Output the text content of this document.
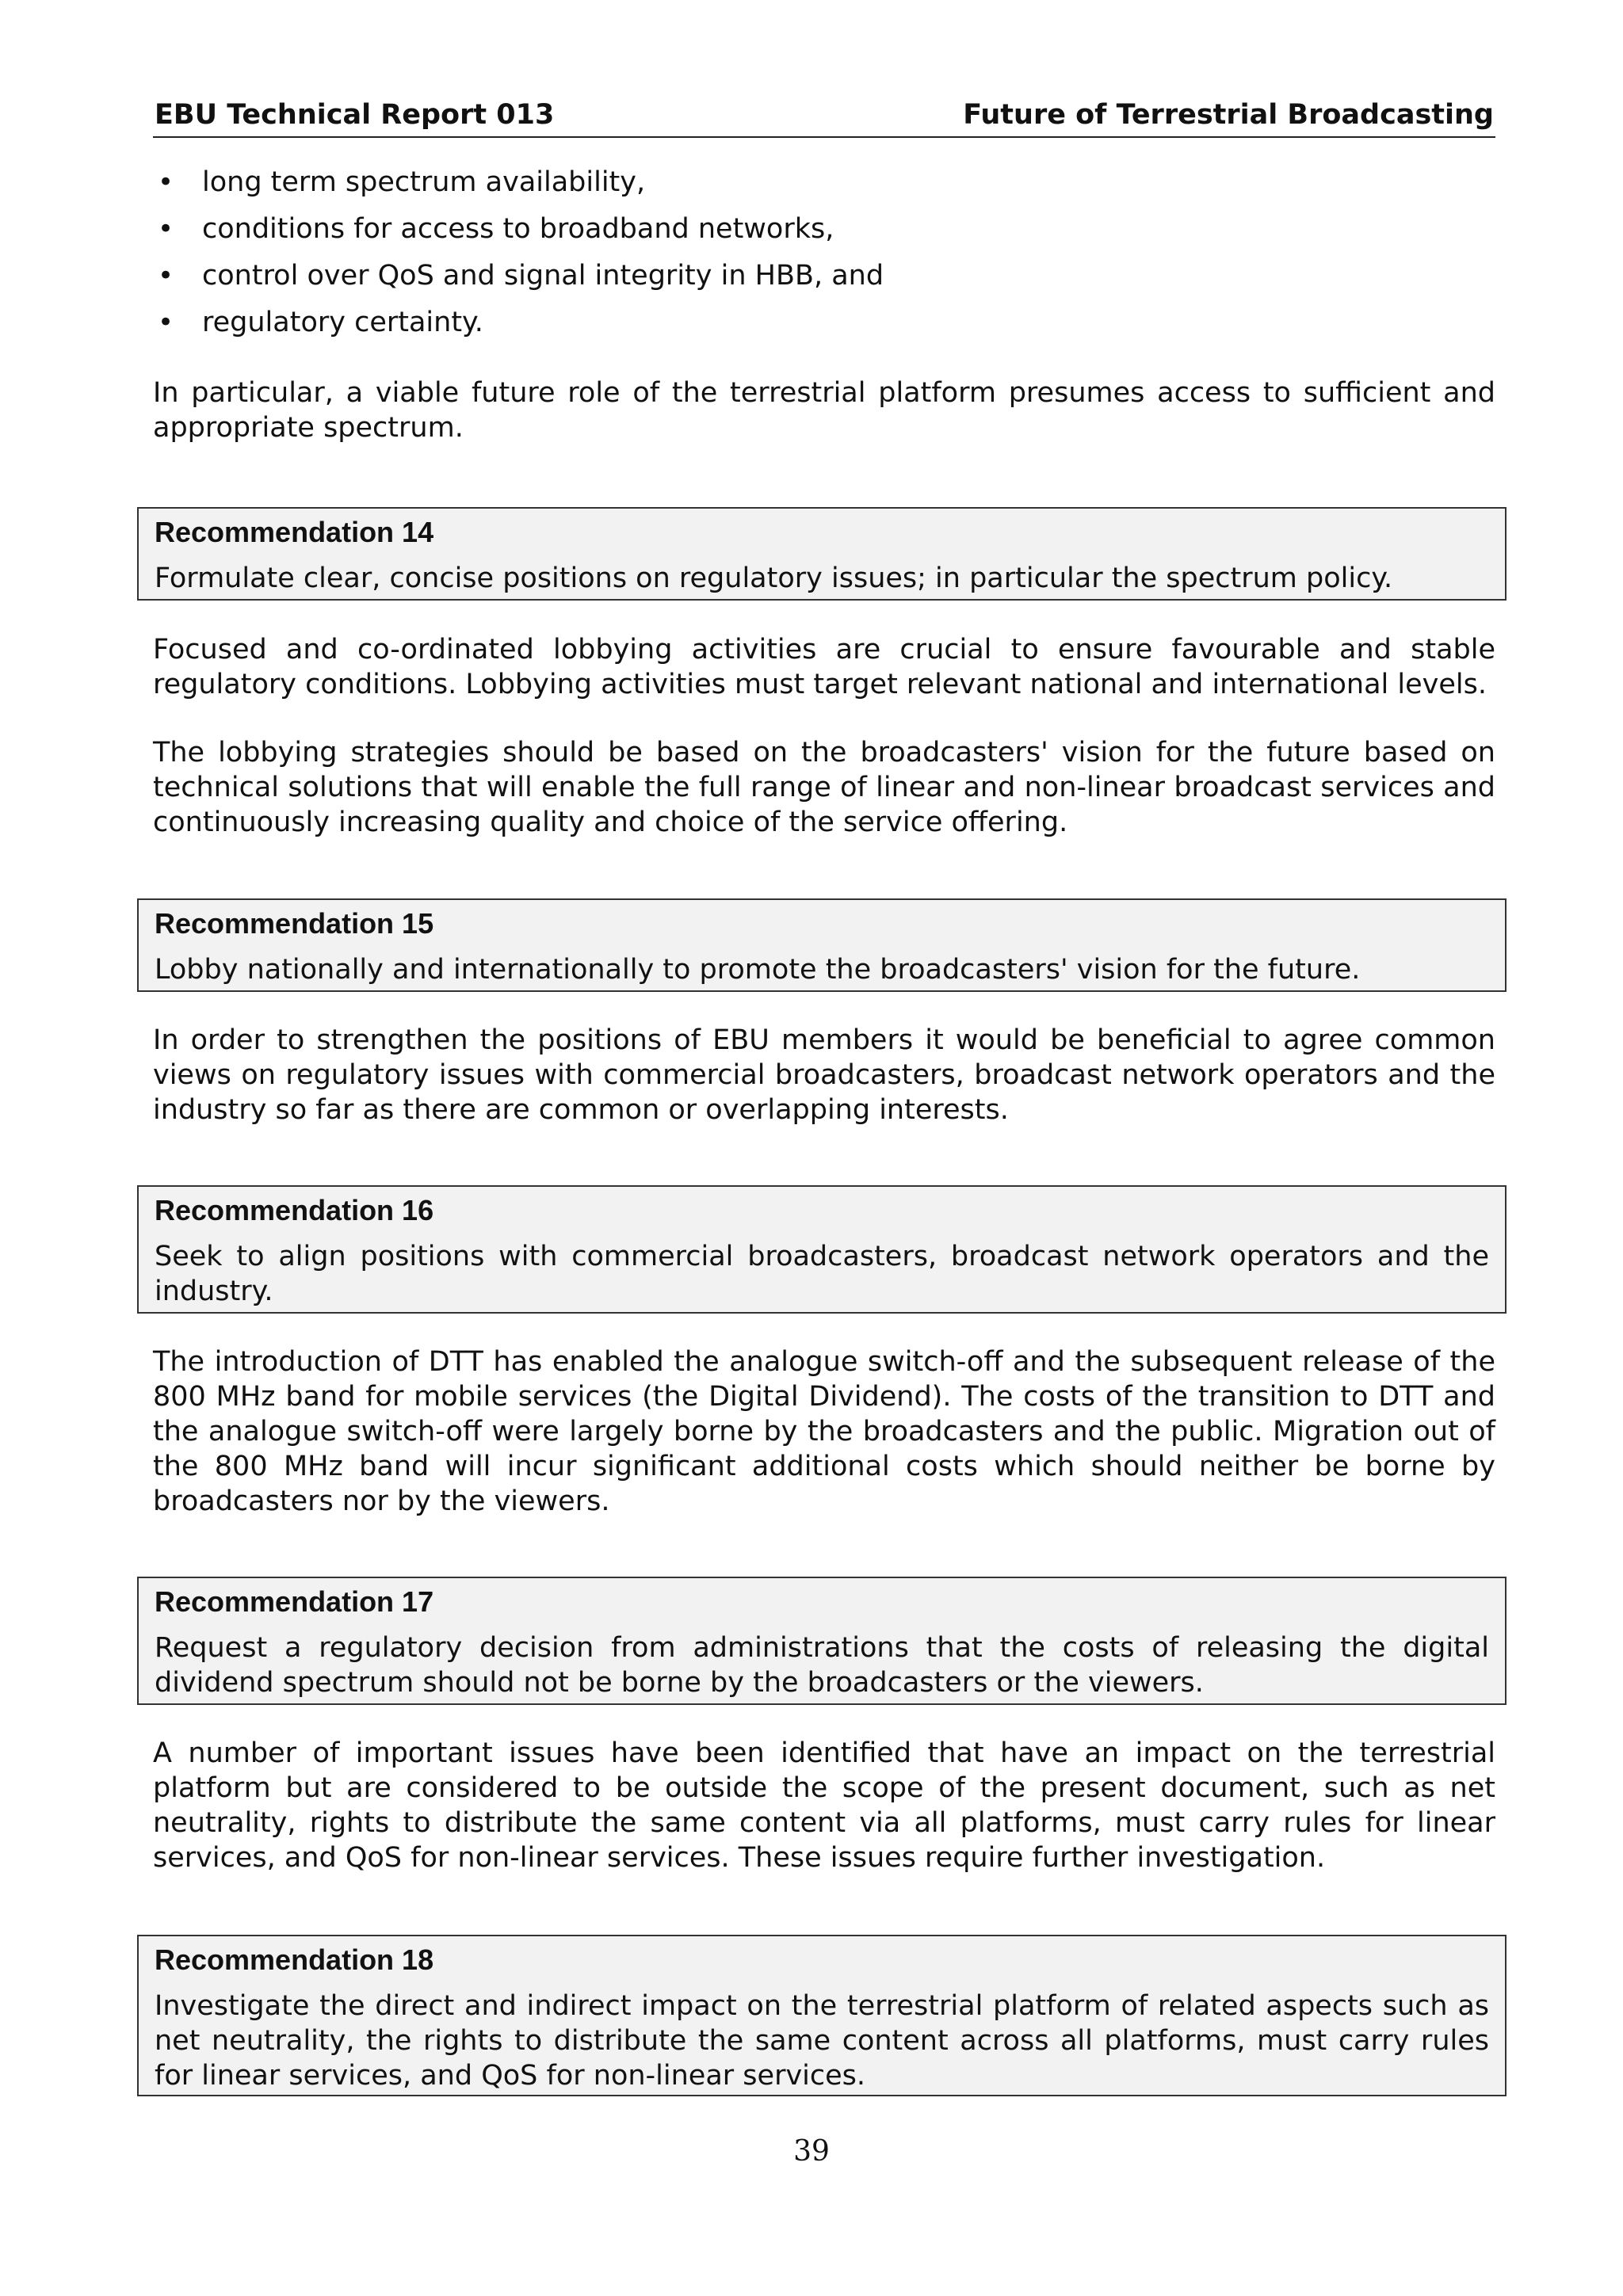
EBU Technical Report 013	Future of Terrestrial Broadcasting
• long term spectrum availability,
• conditions for access to broadband networks,
• control over QoS and signal integrity in HBB, and
• regulatory certainty.

In particular, a viable future role of the terrestrial platform presumes access to sufficient and appropriate spectrum.

Recommendation 14
Formulate clear, concise positions on regulatory issues; in particular the spectrum policy.

Focused and co-ordinated lobbying activities are crucial to ensure favourable and stable regulatory conditions. Lobbying activities must target relevant national and international levels.

The lobbying strategies should be based on the broadcasters' vision for the future based on technical solutions that will enable the full range of linear and non-linear broadcast services and continuously increasing quality and choice of the service offering.

Recommendation 15
Lobby nationally and internationally to promote the broadcasters' vision for the future.

In order to strengthen the positions of EBU members it would be beneficial to agree common views on regulatory issues with commercial broadcasters, broadcast network operators and the industry so far as there are common or overlapping interests.

Recommendation 16
Seek to align positions with commercial broadcasters, broadcast network operators and the industry.

The introduction of DTT has enabled the analogue switch-off and the subsequent release of the 800 MHz band for mobile services (the Digital Dividend). The costs of the transition to DTT and the analogue switch-off were largely borne by the broadcasters and the public. Migration out of the 800 MHz band will incur significant additional costs which should neither be borne by broadcasters nor by the viewers.

Recommendation 17
Request a regulatory decision from administrations that the costs of releasing the digital dividend spectrum should not be borne by the broadcasters or the viewers.

A number of important issues have been identified that have an impact on the terrestrial platform but are considered to be outside the scope of the present document, such as net neutrality, rights to distribute the same content via all platforms, must carry rules for linear services, and QoS for non-linear services. These issues require further investigation.

Recommendation 18
Investigate the direct and indirect impact on the terrestrial platform of related aspects such as net neutrality, the rights to distribute the same content across all platforms, must carry rules for linear services, and QoS for non-linear services.
39
